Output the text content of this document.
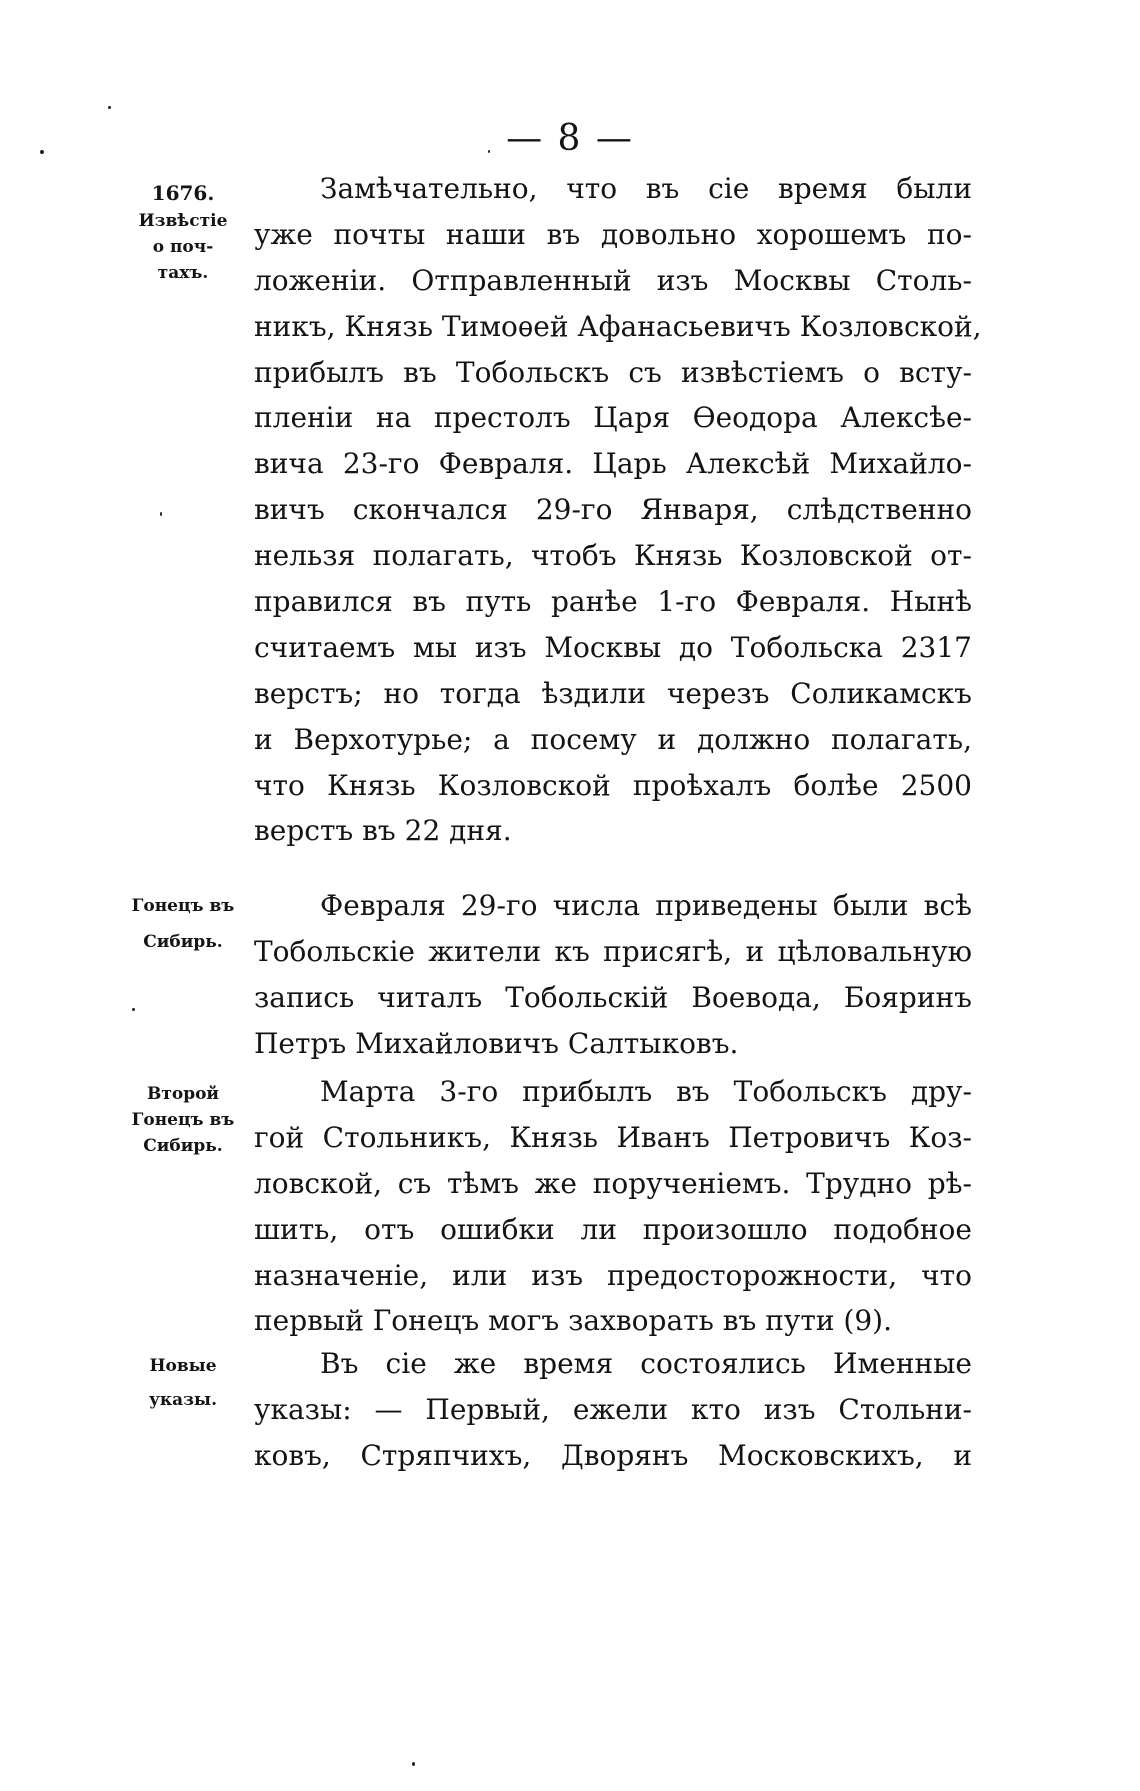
— 8 —
1676.
Извѣстіе
о поч-
тахъ.
Замѣчательно, что въ сіе время были
уже почты наши въ довольно хорошемъ по-
ложеніи. Отправленный изъ Москвы Столь-
никъ, Князь Тимоѳей Афанасьевичъ Козловской,
прибылъ въ Тобольскъ съ извѣстіемъ о всту-
пленіи на престолъ Царя Ѳеодора Алексѣе-
вича 23-го Февраля. Царь Алексѣй Михайло-
вичъ скончался 29-го Января, слѣдственно
нельзя полагать, чтобъ Князь Козловской от-
правился въ путь ранѣе 1-го Февраля. Нынѣ
считаемъ мы изъ Москвы до Тобольска 2317
верстъ; но тогда ѣздили черезъ Соликамскъ
и Верхотурье; а посему и должно полагать,
что Князь Козловской проѣхалъ болѣе 2500
верстъ въ 22 дня.
Гонецъ въ
Сибирь.
Февраля 29-го числа приведены были всѣ
Тобольскіе жители къ присягѣ, и цѣловальную
запись читалъ Тобольскій Воевода, Бояринъ
Петръ Михайловичъ Салтыковъ.
Второй
Гонецъ въ
Сибирь.
Марта 3-го прибылъ въ Тобольскъ дру-
гой Стольникъ, Князь Иванъ Петровичъ Коз-
ловской, съ тѣмъ же порученіемъ. Трудно рѣ-
шить, отъ ошибки ли произошло подобное
назначеніе, или изъ предосторожности, что
первый Гонецъ могъ захворать въ пути (9).
Новые
указы.
Въ сіе же время состоялись Именные
указы: — Первый, ежели кто изъ Стольни-
ковъ, Стряпчихъ, Дворянъ Московскихъ, и
